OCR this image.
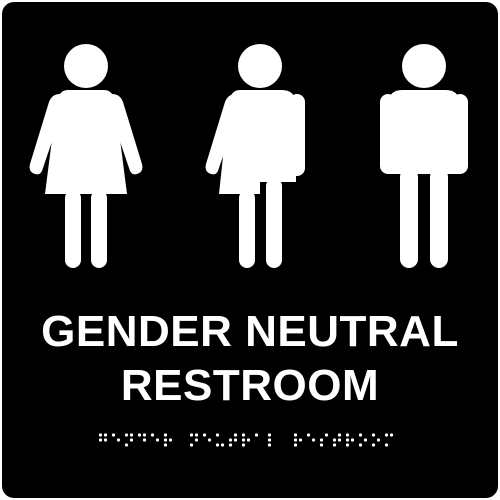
GENDER NEUTRAL
RESTROOM
